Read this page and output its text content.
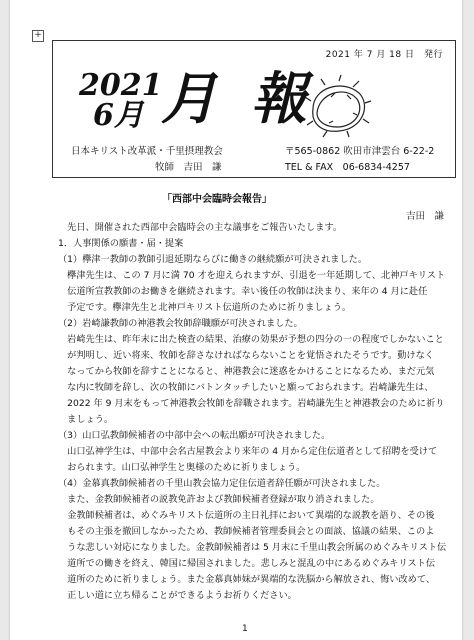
+
2021 年 7 月 18 日　発行
2021
6月 月 報
日本キリスト改革派・千里摂理教会
牧師　吉田　謙
〒565-0862 吹田市津雲台 6-22-2
TEL & FAX　06-6834-4257
「西部中会臨時会報告」
吉田　謙
　先日、開催された西部中会臨時会の主な議事をご報告いたします。
1．人事関係の願書・届・提案
（1）欅津一教師の教師引退延期ならびに働きの継続願が可決されました。
　欅津先生は、この 7 月に満 70 才を迎えられますが、引退を一年延期して、北神戸キリスト
　伝道所宣教教師のお働きを継続されます。幸い後任の牧師は決まり、来年の 4 月に赴任
　予定です。欅津先生と北神戸キリスト伝道所のために祈りましょう。
（2）岩崎謙教師の神港教会牧師辞職願が可決されました。
　岩崎先生は、昨年末に出た検査の結果、治療の効果が予想の四分の一の程度でしかないこと
　が判明し、近い将来、牧師を辞さなければならないことを覚悟されたそうです。動けなく
　なってから牧師を辞すことになると、神港教会に迷惑をかけることになるため、まだ元気
　な内に牧師を辞し、次の牧師にバトンタッチしたいと願っておられます。岩崎謙先生は、
　2022 年 9 月末をもって神港教会牧師を辞職されます。岩崎謙先生と神港教会のために祈り
　ましょう。
（3）山口弘教師候補者の中部中会への転出願が可決されました。
　山口弘神学生は、中部中会名古屋教会より来年の 4 月から定住伝道者として招聘を受けて
　おられます。山口弘神学生と奥様のために祈りましょう。
（4）金慕真教師候補者の千里山教会協力定住伝道者辞任願が可決されました。
　また、金教師候補者の説教免許および教師候補者登録が取り消されました。
　金教師候補者は、めぐみキリスト伝道所の主日礼拝において異端的な説教を語り、その後
　もその主張を撤回しなかったため、教師候補者管理委員会との面談、協議の結果、このよ
　うな悲しい対応になりました。金教師候補者は 5 月末に千里山教会所属のめぐみキリスト伝
　道所での働きを終え、韓国に帰国されました。悲しみと混乱の中にあるめぐみキリスト伝
　道所のために祈りましょう。また金慕真姉妹が異端的な洗脳から解放され、悔い改めて、
　正しい道に立ち帰ることができるようお祈りください。
1
